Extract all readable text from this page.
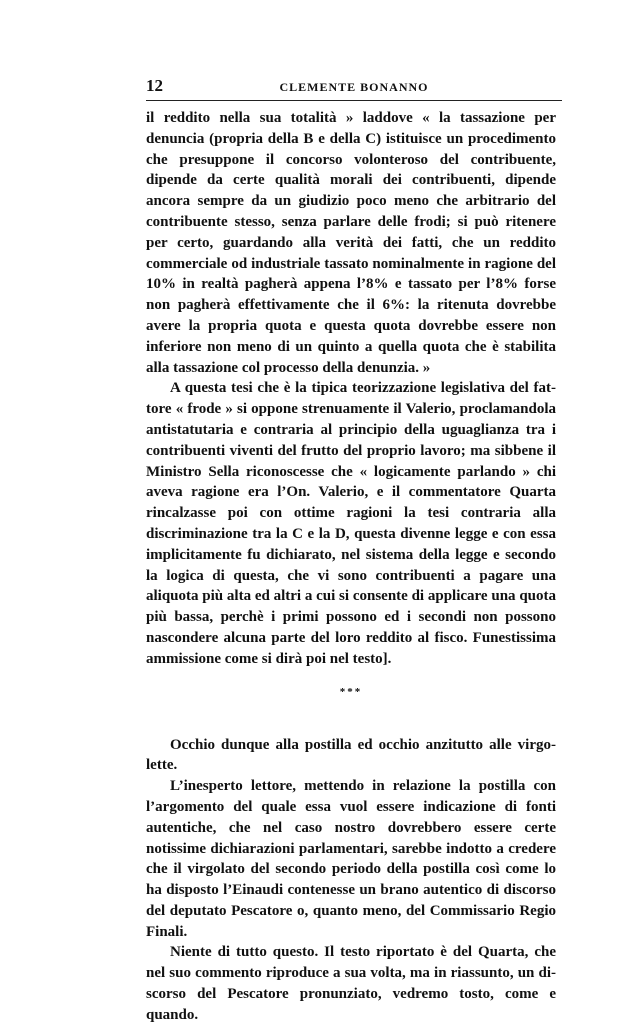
12	CLEMENTE BONANNO

il reddito nella sua totalità » laddove « la tassazione per denuncia (propria della B e della C) istituisce un procedimento che presuppone il concorso volonteroso del contribuente, dipende da certe qualità morali dei contribuenti, dipende ancora sempre da un giudizio poco meno che arbitrario del contribuente stesso, senza parlare delle frodi; si può ritenere per certo, guardando alla verità dei fatti, che un reddito commerciale od industriale tassato nominalmente in ragione del 10% in realtà pagherà appena l’8% e tassato per l’8% forse non pagherà effettivamente che il 6%: la ritenuta dovrebbe avere la propria quota e questa quota dovrebbe essere non inferiore non meno di un quinto a quella quota che è stabilita alla tassazione col processo della denunzia. »

A questa tesi che è la tipica teorizzazione legislativa del fattore « frode » si oppone strenuamente il Valerio, proclamandola antistatutaria e contraria al principio della uguaglianza tra i contribuenti viventi del frutto del proprio lavoro; ma sibbene il Ministro Sella riconoscesse che « logicamente parlando » chi aveva ragione era l’On. Valerio, e il commentatore Quarta rincalzasse poi con ottime ragioni la tesi contraria alla discriminazione tra la C e la D, questa divenne legge e con essa implicitamente fu dichiarato, nel sistema della legge e secondo la logica di questa, che vi sono contribuenti a pagare una aliquota più alta ed altri a cui si consente di applicare una quota più bassa, perchè i primi possono ed i secondi non possono nascondere alcuna parte del loro reddito al fisco. Funestissima ammissione come si dirà poi nel testo].

***

Occhio dunque alla postilla ed occhio anzitutto alle virgolette.

L’inesperto lettore, mettendo in relazione la postilla con l’argomento del quale essa vuol essere indicazione di fonti autentiche, che nel caso nostro dovrebbero essere certe notissime dichiarazioni parlamentari, sarebbe indotto a credere che il virgolato del secondo periodo della postilla così come lo ha disposto l’Einaudi contenesse un brano autentico di discorso del deputato Pescatore o, quanto meno, del Commissario Regio Finali.

Niente di tutto questo. Il testo riportato è del Quarta, che nel suo commento riproduce a sua volta, ma in riassunto, un discorso del Pescatore pronunziato, vedremo tosto, come e quando.
